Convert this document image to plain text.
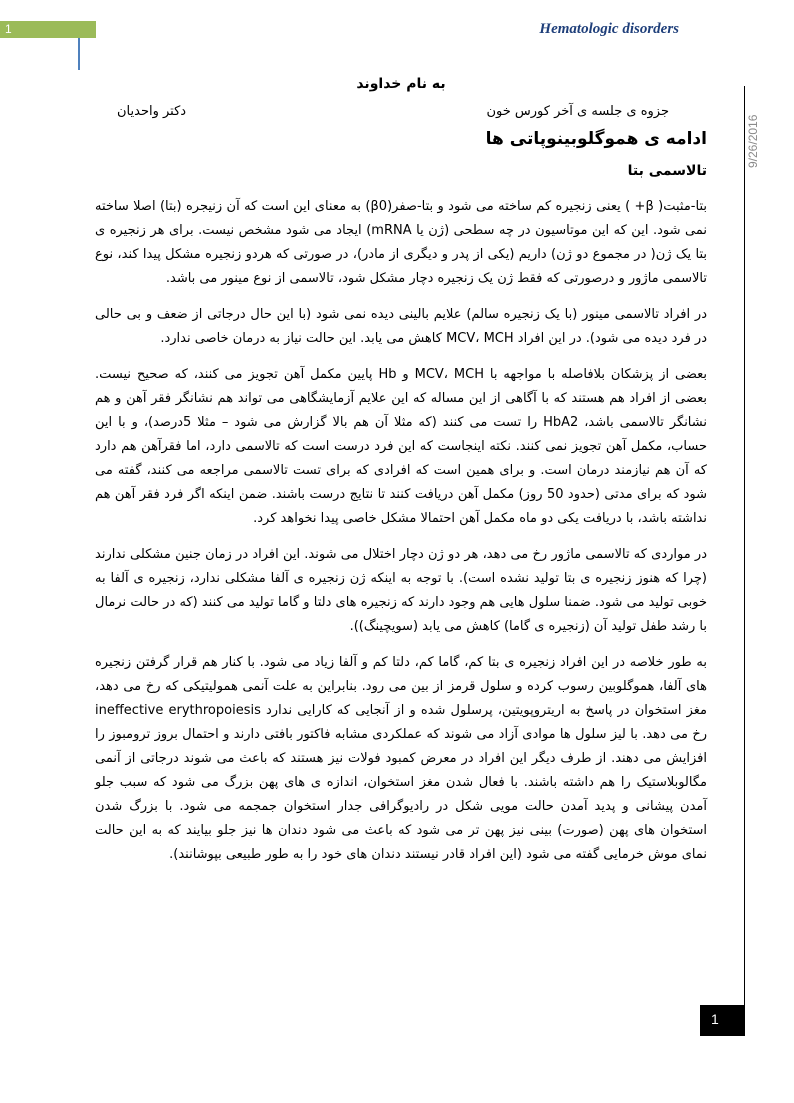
1	Hematologic disorders
9/26/2016
به نام خداوند
جزوه ی جلسه ی آخر کورس خون
دکتر واحدیان
ادامه ی هموگلوبینوپاتی ها
تالاسمی بتا

بتا-مثبت( β+ ) یعنی زنجیره کم ساخته می شود و بتا-صفر(β0) به معنای این است که آن زنیجره (بتا) اصلا ساخته نمی شود. این که این موتاسیون در چه سطحی (ژن یا mRNA) ایجاد می شود مشخص نیست. برای هر زنجیره ی بتا یک ژن( در مجموع دو ژن) داریم (یکی از پدر و دیگری از مادر)، در صورتی که هردو زنجیره مشکل پیدا کند، نوع تالاسمی ماژور و درصورتی که فقط ژن یک زنجیره دچار مشکل شود، تالاسمی از نوع مینور می باشد.

در افراد تالاسمی مینور (با یک زنجیره سالم) علایم بالینی دیده نمی شود (با این حال درجاتی از ضعف و بی حالی در فرد دیده می شود). در این افراد MCV، MCH کاهش می یابد. این حالت نیاز به درمان خاصی ندارد.

بعضی از پزشکان بلافاصله با مواجهه با MCV، MCH و Hb پایین مکمل آهن تجویز می کنند، که صحیح نیست. بعضی از افراد هم هستند که با آگاهی از این مساله که این علایم آزمایشگاهی می تواند هم نشانگر فقر آهن و هم نشانگر تالاسمی باشد، HbA2 را تست می کنند (که مثلا آن هم بالا گزارش می شود – مثلا 5درصد)، و با این حساب، مکمل آهن تجویز نمی کنند. نکته اینجاست که این فرد درست است که تالاسمی دارد، اما فقرآهن هم دارد که آن هم نیازمند درمان است. و برای همین است که افرادی که برای تست تالاسمی مراجعه می کنند، گفته می شود که برای مدتی (حدود 50 روز) مکمل آهن دریافت کنند تا نتایج درست باشند. ضمن اینکه اگر فرد فقر آهن هم نداشته باشد، با دریافت یکی دو ماه مکمل آهن احتمالا مشکل خاصی پیدا نخواهد کرد.

در مواردی که تالاسمی ماژور رخ می دهد، هر دو ژن دچار اختلال می شوند. این افراد در زمان جنین مشکلی ندارند (چرا که هنوز زنجیره ی بتا تولید نشده است). با توجه به اینکه ژن زنجیره ی آلفا مشکلی ندارد، زنجیره ی آلفا به خوبی تولید می شود. ضمنا سلول هایی هم وجود دارند که زنجیره های دلتا و گاما تولید می کنند (که در حالت نرمال با رشد طفل تولید آن (زنجیره ی گاما) کاهش می یابد (سویچینگ)).

به طور خلاصه در این افراد زنجیره ی بتا کم، گاما کم، دلتا کم و آلفا زیاد می شود. با کنار هم قرار گرفتن زنجیره های آلفا، هموگلوبین رسوب کرده و سلول قرمز از بین می رود. بنابراین به علت آنمی همولیتیکی که رخ می دهد، مغز استخوان در پاسخ به اریتروپویتین، پرسلول شده و از آنجایی که کارایی ندارد ineffective erythropoiesis رخ می دهد. با لیز سلول ها موادی آزاد می شوند که عملکردی مشابه فاکتور بافتی دارند و احتمال بروز ترومبوز را افزایش می دهند. از طرف دیگر این افراد در معرض کمبود فولات نیز هستند که باعث می شوند درجاتی از آنمی مگالوبلاستیک را هم داشته باشند. با فعال شدن مغز استخوان، اندازه ی های پهن بزرگ می شود که سبب جلو آمدن پیشانی و پدید آمدن حالت مویی شکل در رادیوگرافی جدار استخوان جمجمه می شود. با بزرگ شدن استخوان های پهن (صورت) بینی نیز پهن تر می شود که باعث می شود دندان ها نیز جلو بیایند که به این حالت نمای موش خرمایی گفته می شود (این افراد قادر نیستند دندان های خود را به طور طبیعی بپوشانند).

1
